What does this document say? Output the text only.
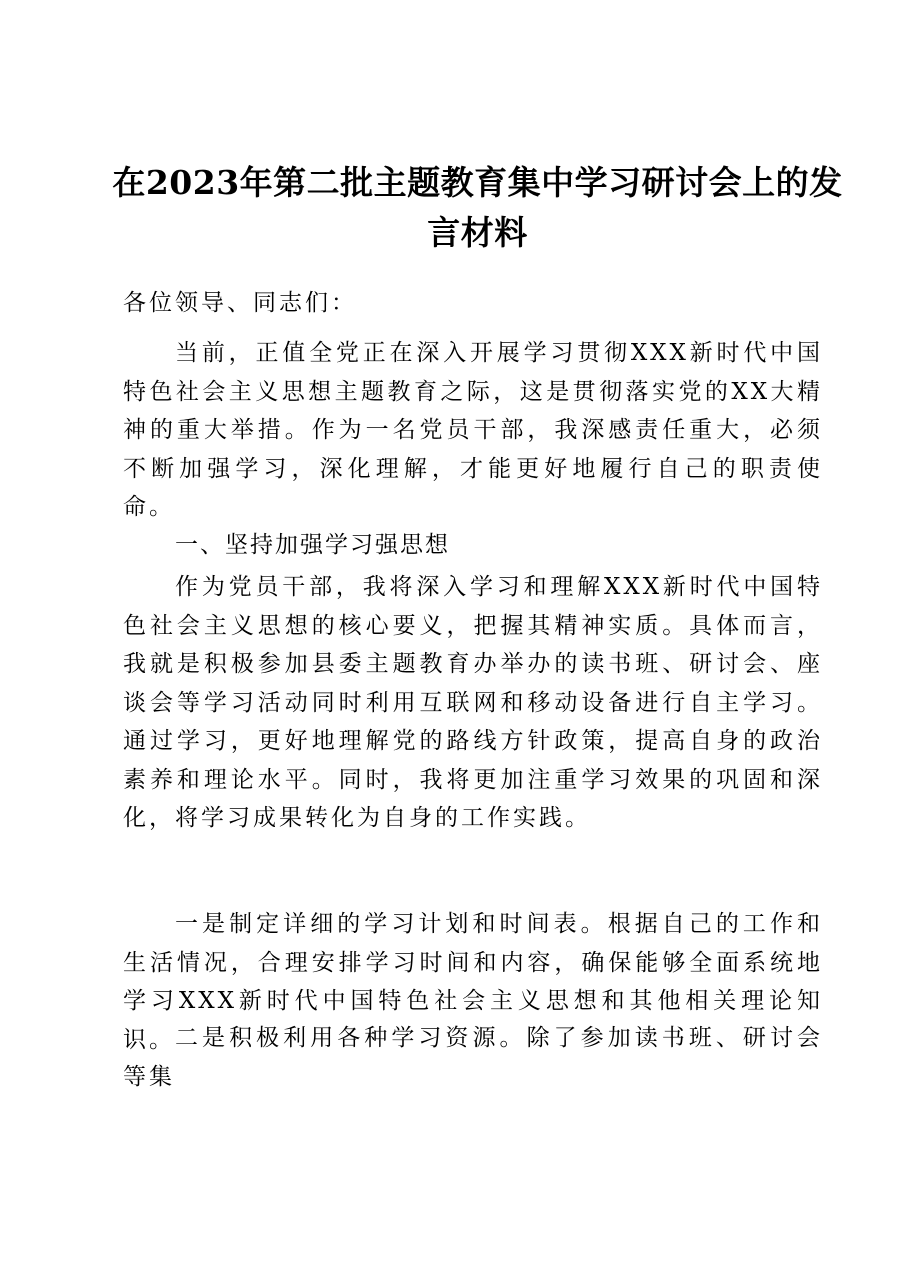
在2023年第二批主题教育集中学习研讨会上的发言材料
各位领导、同志们：
当前，正值全党正在深入开展学习贯彻XXX新时代中国特色社会主义思想主题教育之际，这是贯彻落实党的XX大精神的重大举措。作为一名党员干部，我深感责任重大，必须不断加强学习，深化理解，才能更好地履行自己的职责使命。
一、坚持加强学习强思想
作为党员干部，我将深入学习和理解XXX新时代中国特色社会主义思想的核心要义，把握其精神实质。具体而言，我就是积极参加县委主题教育办举办的读书班、研讨会、座谈会等学习活动同时利用互联网和移动设备进行自主学习。通过学习，更好地理解党的路线方针政策，提高自身的政治素养和理论水平。同时，我将更加注重学习效果的巩固和深化，将学习成果转化为自身的工作实践。
一是制定详细的学习计划和时间表。根据自己的工作和生活情况，合理安排学习时间和内容，确保能够全面系统地学习XXX新时代中国特色社会主义思想和其他相关理论知识。 二是积极利用各种学习资源。除了参加读书班、研讨会等集
